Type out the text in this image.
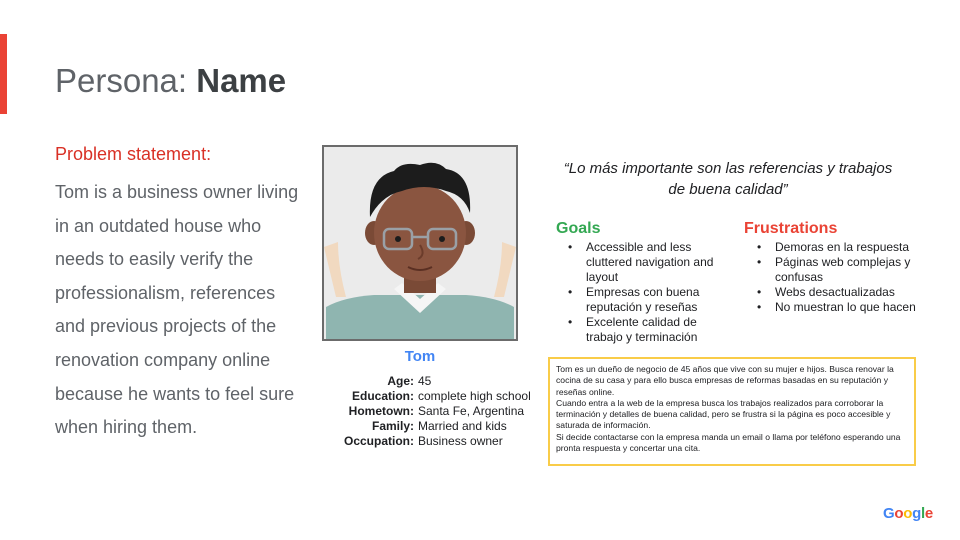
Persona: Name
Problem statement:
Tom is a business owner living in an outdated house who needs to easily verify the professionalism, references and previous projects of the renovation company online because he wants to feel sure when hiring them.
Tom
Age: 45
Education: complete high school
Hometown: Santa Fe, Argentina
Family: Married and kids
Occupation: Business owner
“Lo más importante son las referencias y trabajos de buena calidad”
Goals
• Accessible and less cluttered navigation and layout
• Empresas con buena reputación y reseñas
• Excelente calidad de trabajo y terminación
Frustrations
• Demoras en la respuesta
• Páginas web complejas y confusas
• Webs desactualizadas
• No muestran lo que hacen

Tom es un dueño de negocio de 45 años que vive con su mujer e hijos. Busca renovar la cocina de su casa y para ello busca empresas de reformas basadas en su reputación y reseñas online.

Cuando entra a la web de la empresa busca los trabajos realizados para corroborar la terminación y detalles de buena calidad, pero se frustra si la página es poco accesible y saturada de información.

Si decide contactarse con la empresa manda un email o llama por teléfono esperando una pronta respuesta y concertar una cita.

Google
